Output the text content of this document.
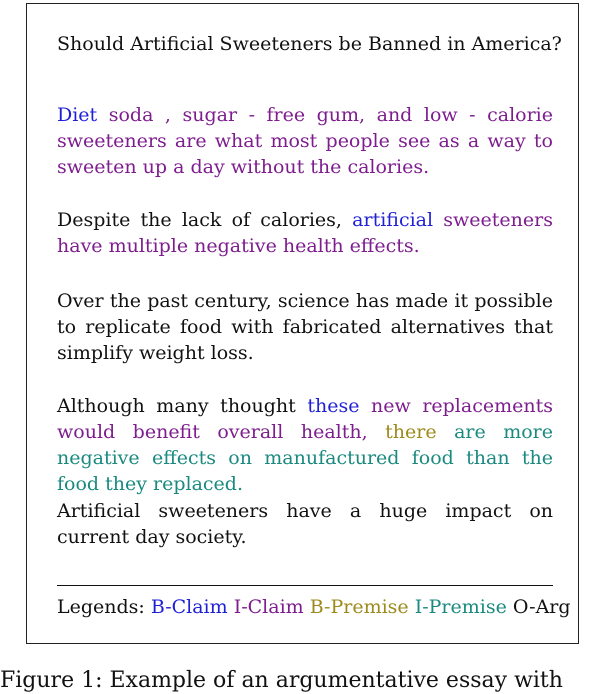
Should Artificial Sweeteners be Banned in America?
Diet soda , sugar - free gum, and low - calorie sweeteners are what most people see as a way to sweeten up a day without the calories.
Despite the lack of calories, artificial sweeteners have multiple negative health effects.
Over the past century, science has made it possible to replicate food with fabricated alternatives that simplify weight loss.
Although many thought these new replacements would benefit overall health, there are more negative effects on manufactured food than the food they replaced.
Artificial sweeteners have a huge impact on current day society.
Legends: B-Claim I-Claim B-Premise I-Premise O-Arg
Figure 1: Example of an argumentative essay with
